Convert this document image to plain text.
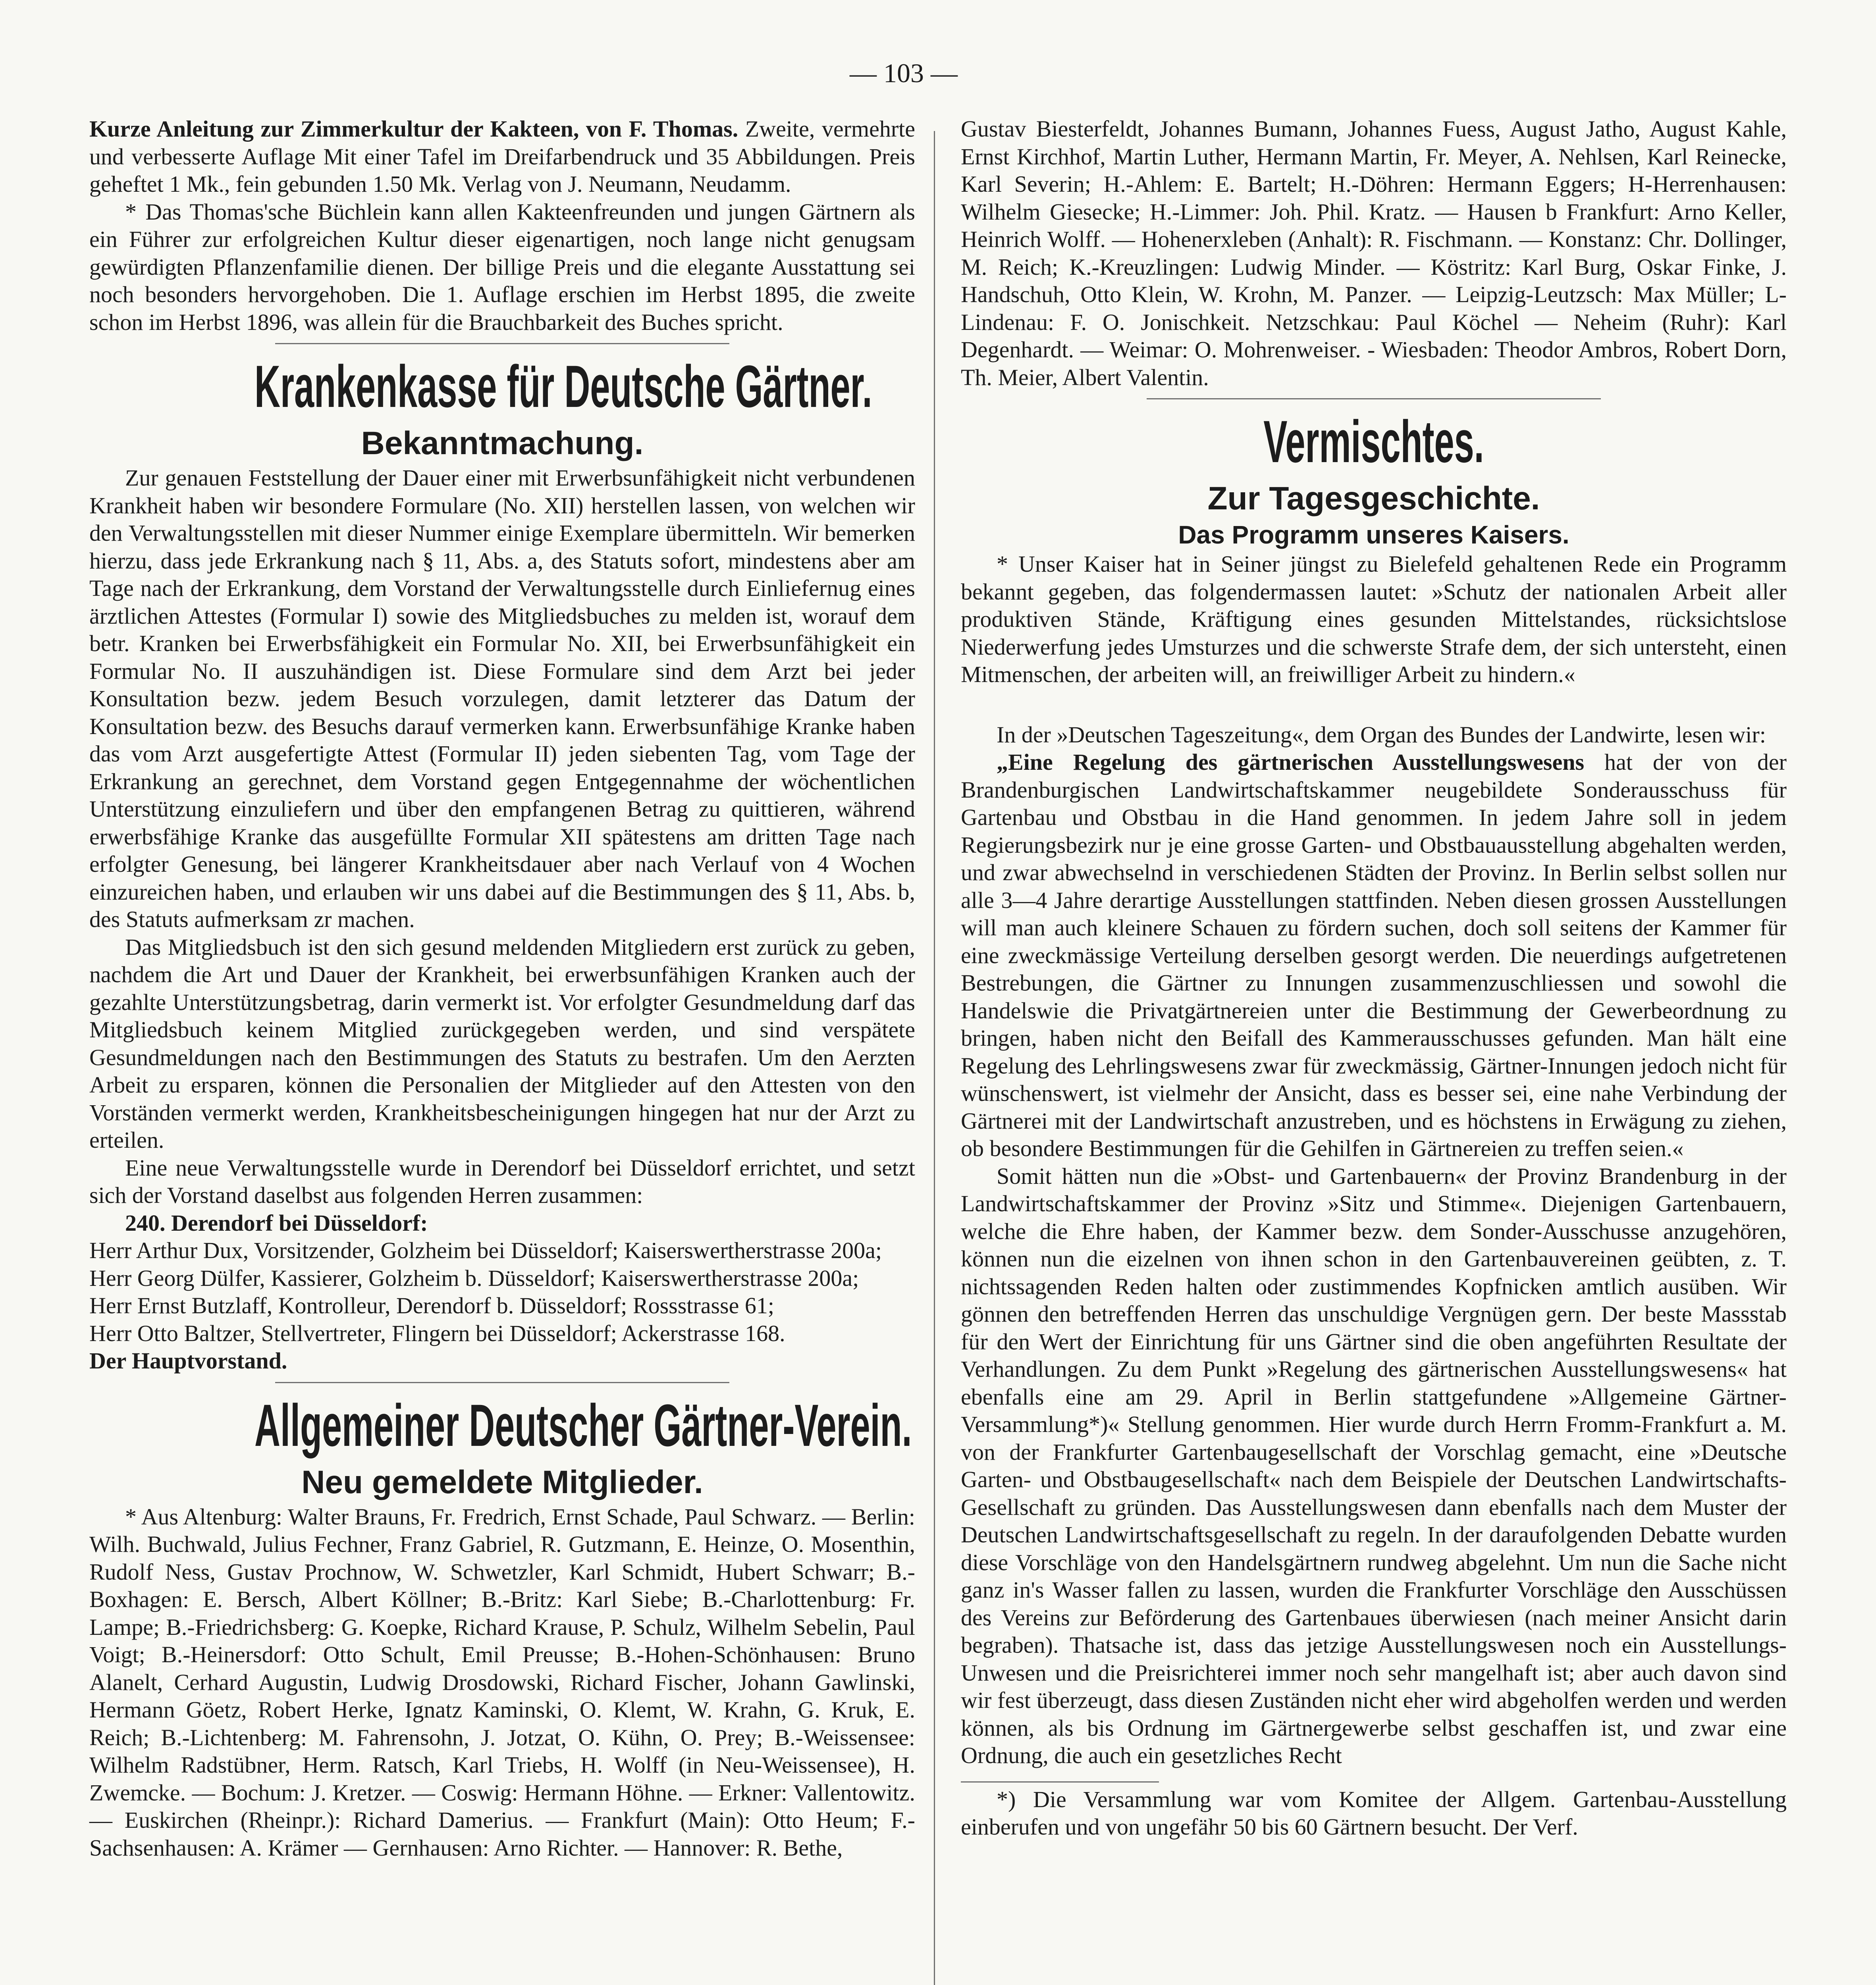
— 103 —

Kurze Anleitung zur Zimmerkultur der Kakteen, von F. Thomas. Zweite, vermehrte und verbesserte Auflage Mit einer Tafel im Dreifarbendruck und 35 Abbildungen. Preis geheftet 1 Mk., fein gebunden 1.50 Mk. Verlag von J. Neumann, Neudamm.

* Das Thomas'sche Büchlein kann allen Kakteenfreunden und jungen Gärtnern als ein Führer zur erfolgreichen Kultur dieser eigenartigen, noch lange nicht genugsam gewürdigten Pflanzenfamilie dienen. Der billige Preis und die elegante Ausstattung sei noch besonders hervorgehoben. Die 1. Auflage erschien im Herbst 1895, die zweite schon im Herbst 1896, was allein für die Brauchbarkeit des Buches spricht.

Krankenkasse für Deutsche Gärtner.
Bekanntmachung.

Zur genauen Feststellung der Dauer einer mit Erwerbsunfähigkeit nicht verbundenen Krankheit haben wir besondere Formulare (No. XII) herstellen lassen, von welchen wir den Verwaltungsstellen mit dieser Nummer einige Exemplare übermitteln. Wir bemerken hierzu, dass jede Erkrankung nach § 11, Abs. a, des Statuts sofort, mindestens aber am Tage nach der Erkrankung, dem Vorstand der Verwaltungsstelle durch Einliefernug eines ärztlichen Attestes (Formular I) sowie des Mitgliedsbuches zu melden ist, worauf dem betr. Kranken bei Erwerbsfähigkeit ein Formular No. XII, bei Erwerbsunfähigkeit ein Formular No. II auszuhändigen ist. Diese Formulare sind dem Arzt bei jeder Konsultation bezw. jedem Besuch vorzulegen, damit letzterer das Datum der Konsultation bezw. des Besuchs darauf vermerken kann. Erwerbsunfähige Kranke haben das vom Arzt ausgefertigte Attest (Formular II) jeden siebenten Tag, vom Tage der Erkrankung an gerechnet, dem Vorstand gegen Entgegennahme der wöchentlichen Unterstützung einzuliefern und über den empfangenen Betrag zu quittieren, während erwerbsfähige Kranke das ausgefüllte Formular XII spätestens am dritten Tage nach erfolgter Genesung, bei längerer Krankheitsdauer aber nach Verlauf von 4 Wochen einzureichen haben, und erlauben wir uns dabei auf die Bestimmungen des § 11, Abs. b, des Statuts aufmerksam zr machen.

Das Mitgliedsbuch ist den sich gesund meldenden Mitgliedern erst zurück zu geben, nachdem die Art und Dauer der Krankheit, bei erwerbsunfähigen Kranken auch der gezahlte Unterstützungsbetrag, darin vermerkt ist. Vor erfolgter Gesundmeldung darf das Mitgliedsbuch keinem Mitglied zurückgegeben werden, und sind verspätete Gesundmeldungen nach den Bestimmungen des Statuts zu bestrafen. Um den Aerzten Arbeit zu ersparen, können die Personalien der Mitglieder auf den Attesten von den Vorständen vermerkt werden, Krankheitsbescheinigungen hingegen hat nur der Arzt zu erteilen.

Eine neue Verwaltungsstelle wurde in Derendorf bei Düsseldorf errichtet, und setzt sich der Vorstand daselbst aus folgenden Herren zusammen:

240. Derendorf bei Düsseldorf:

Herr Arthur Dux, Vorsitzender, Golzheim bei Düsseldorf; Kaiserswertherstrasse 200a;

Herr Georg Dülfer, Kassierer, Golzheim b. Düsseldorf; Kaiserswertherstrasse 200a;

Herr Ernst Butzlaff, Kontrolleur, Derendorf b. Düsseldorf; Rossstrasse 61;

Herr Otto Baltzer, Stellvertreter, Flingern bei Düsseldorf; Ackerstrasse 168.

Der Hauptvorstand.

Allgemeiner Deutscher Gärtner-Verein.
Neu gemeldete Mitglieder.

* Aus Altenburg: Walter Brauns, Fr. Fredrich, Ernst Schade, Paul Schwarz. — Berlin: Wilh. Buchwald, Julius Fechner, Franz Gabriel, R. Gutzmann, E. Heinze, O. Mosenthin, Rudolf Ness, Gustav Prochnow, W. Schwetzler, Karl Schmidt, Hubert Schwarr; B.-Boxhagen: E. Bersch, Albert Köllner; B.-Britz: Karl Siebe; B.-Charlottenburg: Fr. Lampe; B.-Friedrichsberg: G. Koepke, Richard Krause, P. Schulz, Wilhelm Sebelin, Paul Voigt; B.-Heinersdorf: Otto Schult, Emil Preusse; B.-Hohen-Schönhausen: Bruno Alanelt, Cerhard Augustin, Ludwig Drosdowski, Richard Fischer, Johann Gawlinski, Hermann Göetz, Robert Herke, Ignatz Kaminski, O. Klemt, W. Krahn, G. Kruk, E. Reich; B.-Lichtenberg: M. Fahrensohn, J. Jotzat, O. Kühn, O. Prey; B.-Weissensee: Wilhelm Radstübner, Herm. Ratsch, Karl Triebs, H. Wolff (in Neu-Weissensee), H. Zwemcke. — Bochum: J. Kretzer. — Coswig: Hermann Höhne. — Erkner: Vallentowitz. — Euskirchen (Rheinpr.): Richard Damerius. — Frankfurt (Main): Otto Heum; F.-Sachsenhausen: A. Krämer — Gernhausen: Arno Richter. — Hannover: R. Bethe,

Gustav Biesterfeldt, Johannes Bumann, Johannes Fuess, August Jatho, August Kahle, Ernst Kirchhof, Martin Luther, Hermann Martin, Fr. Meyer, A. Nehlsen, Karl Reinecke, Karl Severin; H.-Ahlem: E. Bartelt; H.-Döhren: Hermann Eggers; H-Herrenhausen: Wilhelm Giesecke; H.-Limmer: Joh. Phil. Kratz. — Hausen b Frankfurt: Arno Keller, Heinrich Wolff. — Hohenerxleben (Anhalt): R. Fischmann. — Konstanz: Chr. Dollinger, M. Reich; K.-Kreuzlingen: Ludwig Minder. — Köstritz: Karl Burg, Oskar Finke, J. Handschuh, Otto Klein, W. Krohn, M. Panzer. — Leipzig-Leutzsch: Max Müller; L-Lindenau: F. O. Jonischkeit. Netzschkau: Paul Köchel — Neheim (Ruhr): Karl Degenhardt. — Weimar: O. Mohrenweiser. - Wiesbaden: Theodor Ambros, Robert Dorn, Th. Meier, Albert Valentin.

Vermischtes.
Zur Tagesgeschichte.
Das Programm unseres Kaisers.

* Unser Kaiser hat in Seiner jüngst zu Bielefeld gehaltenen Rede ein Programm bekannt gegeben, das folgendermassen lautet: »Schutz der nationalen Arbeit aller produktiven Stände, Kräftigung eines gesunden Mittelstandes, rücksichtslose Niederwerfung jedes Umsturzes und die schwerste Strafe dem, der sich untersteht, einen Mitmenschen, der arbeiten will, an freiwilliger Arbeit zu hindern.«

In der »Deutschen Tageszeitung«, dem Organ des Bundes der Landwirte, lesen wir:

„Eine Regelung des gärtnerischen Ausstellungswesens hat der von der Brandenburgischen Landwirtschaftskammer neugebildete Sonderausschuss für Gartenbau und Obstbau in die Hand genommen. In jedem Jahre soll in jedem Regierungsbezirk nur je eine grosse Garten- und Obstbauausstellung abgehalten werden, und zwar abwechselnd in verschiedenen Städten der Provinz. In Berlin selbst sollen nur alle 3—4 Jahre derartige Ausstellungen stattfinden. Neben diesen grossen Ausstellungen will man auch kleinere Schauen zu fördern suchen, doch soll seitens der Kammer für eine zweckmässige Verteilung derselben gesorgt werden. Die neuerdings aufgetretenen Bestrebungen, die Gärtner zu Innungen zusammenzuschliessen und sowohl die Handelswie die Privatgärtnereien unter die Bestimmung der Gewerbeordnung zu bringen, haben nicht den Beifall des Kammerausschusses gefunden. Man hält eine Regelung des Lehrlingswesens zwar für zweckmässig, Gärtner-Innungen jedoch nicht für wünschenswert, ist vielmehr der Ansicht, dass es besser sei, eine nahe Verbindung der Gärtnerei mit der Landwirtschaft anzustreben, und es höchstens in Erwägung zu ziehen, ob besondere Bestimmungen für die Gehilfen in Gärtnereien zu treffen seien.«

Somit hätten nun die »Obst- und Gartenbauern« der Provinz Brandenburg in der Landwirtschaftskammer der Provinz »Sitz und Stimme«. Diejenigen Gartenbauern, welche die Ehre haben, der Kammer bezw. dem Sonder-Ausschusse anzugehören, können nun die eizelnen von ihnen schon in den Gartenbauvereinen geübten, z. T. nichtssagenden Reden halten oder zustimmendes Kopfnicken amtlich ausüben. Wir gönnen den betreffenden Herren das unschuldige Vergnügen gern. Der beste Massstab für den Wert der Einrichtung für uns Gärtner sind die oben angeführten Resultate der Verhandlungen. Zu dem Punkt »Regelung des gärtnerischen Ausstellungswesens« hat ebenfalls eine am 29. April in Berlin stattgefundene »Allgemeine Gärtner-Versammlung*)« Stellung genommen. Hier wurde durch Herrn Fromm-Frankfurt a. M. von der Frankfurter Gartenbaugesellschaft der Vorschlag gemacht, eine »Deutsche Garten- und Obstbaugesellschaft« nach dem Beispiele der Deutschen Landwirtschafts-Gesellschaft zu gründen. Das Ausstellungswesen dann ebenfalls nach dem Muster der Deutschen Landwirtschaftsgesellschaft zu regeln. In der daraufolgenden Debatte wurden diese Vorschläge von den Handelsgärtnern rundweg abgelehnt. Um nun die Sache nicht ganz in's Wasser fallen zu lassen, wurden die Frankfurter Vorschläge den Ausschüssen des Vereins zur Beförderung des Gartenbaues überwiesen (nach meiner Ansicht darin begraben). Thatsache ist, dass das jetzige Ausstellungswesen noch ein Ausstellungs-Unwesen und die Preisrichterei immer noch sehr mangelhaft ist; aber auch davon sind wir fest überzeugt, dass diesen Zuständen nicht eher wird abgeholfen werden und werden können, als bis Ordnung im Gärtnergewerbe selbst geschaffen ist, und zwar eine Ordnung, die auch ein gesetzliches Recht

*) Die Versammlung war vom Komitee der Allgem. Gartenbau-Ausstellung einberufen und von ungefähr 50 bis 60 Gärtnern besucht. Der Verf.
